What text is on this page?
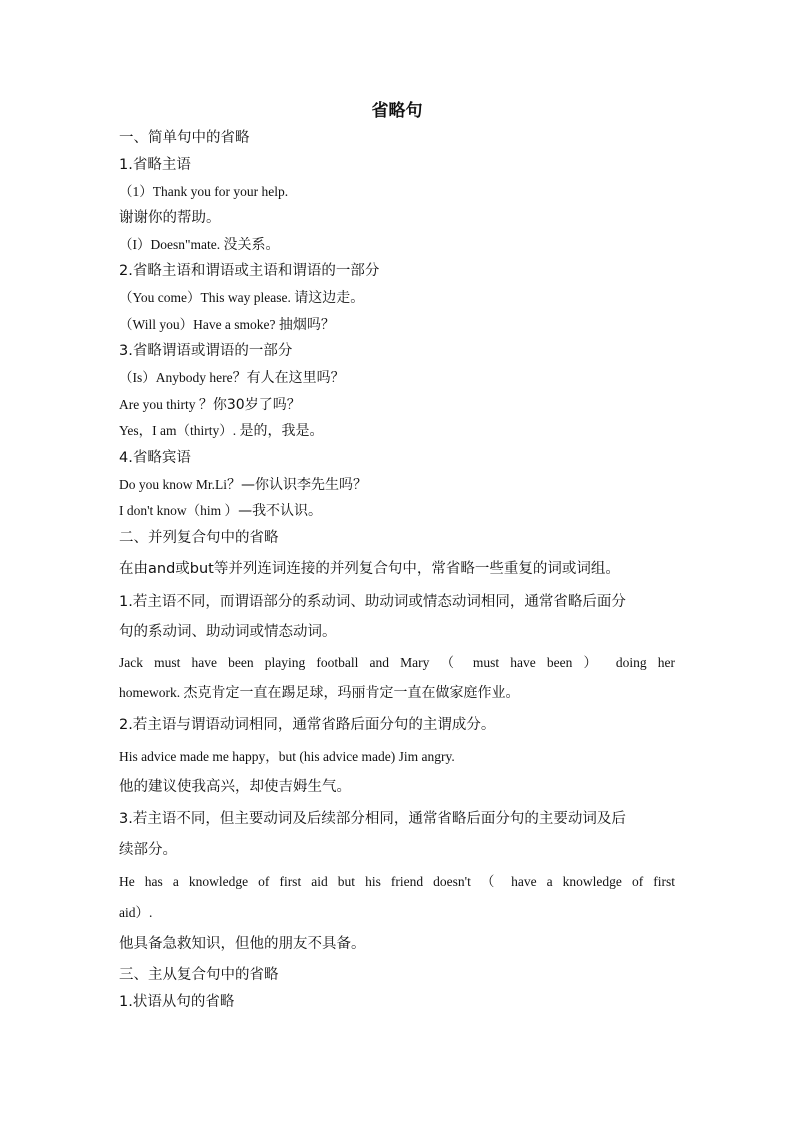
省略句
一、简单句中的省略
1.省略主语
（1）Thank you for your help.
谢谢你的帮助。
（I）Doesn"mate. 没关系。
2.省略主语和谓语或主语和谓语的一部分
（You come）This way please. 请这边走。
（Will you）Have a smoke? 抽烟吗？
3.省略谓语或谓语的一部分
（Is）Anybody here？有人在这里吗？
Are you thirty ？你30岁了吗？
Yes，I am（thirty）. 是的，我是。
4.省略宾语
Do you know Mr.Li？—你认识李先生吗？
I don't know（him ）—我不认识。
二、并列复合句中的省略
在由and或but等并列连词连接的并列复合句中，常省略一些重复的词或词组。
1.若主语不同，而谓语部分的系动词、助动词或情态动词相同，通常省略后面分
句的系动词、助动词或情态动词。
Jack must have been playing football and Mary （ must have been ） doing her
homework. 杰克肯定一直在踢足球，玛丽肯定一直在做家庭作业。
2.若主语与谓语动词相同，通常省路后面分句的主谓成分。
His advice made me happy，but (his advice made) Jim angry.
他的建议使我高兴，却使吉姆生气。
3.若主语不同，但主要动词及后续部分相同，通常省略后面分句的主要动词及后
续部分。
He has a knowledge of first aid but his friend doesn't （ have a knowledge of first
aid）.
他具备急救知识，但他的朋友不具备。
三、主从复合句中的省略
1.状语从句的省略
